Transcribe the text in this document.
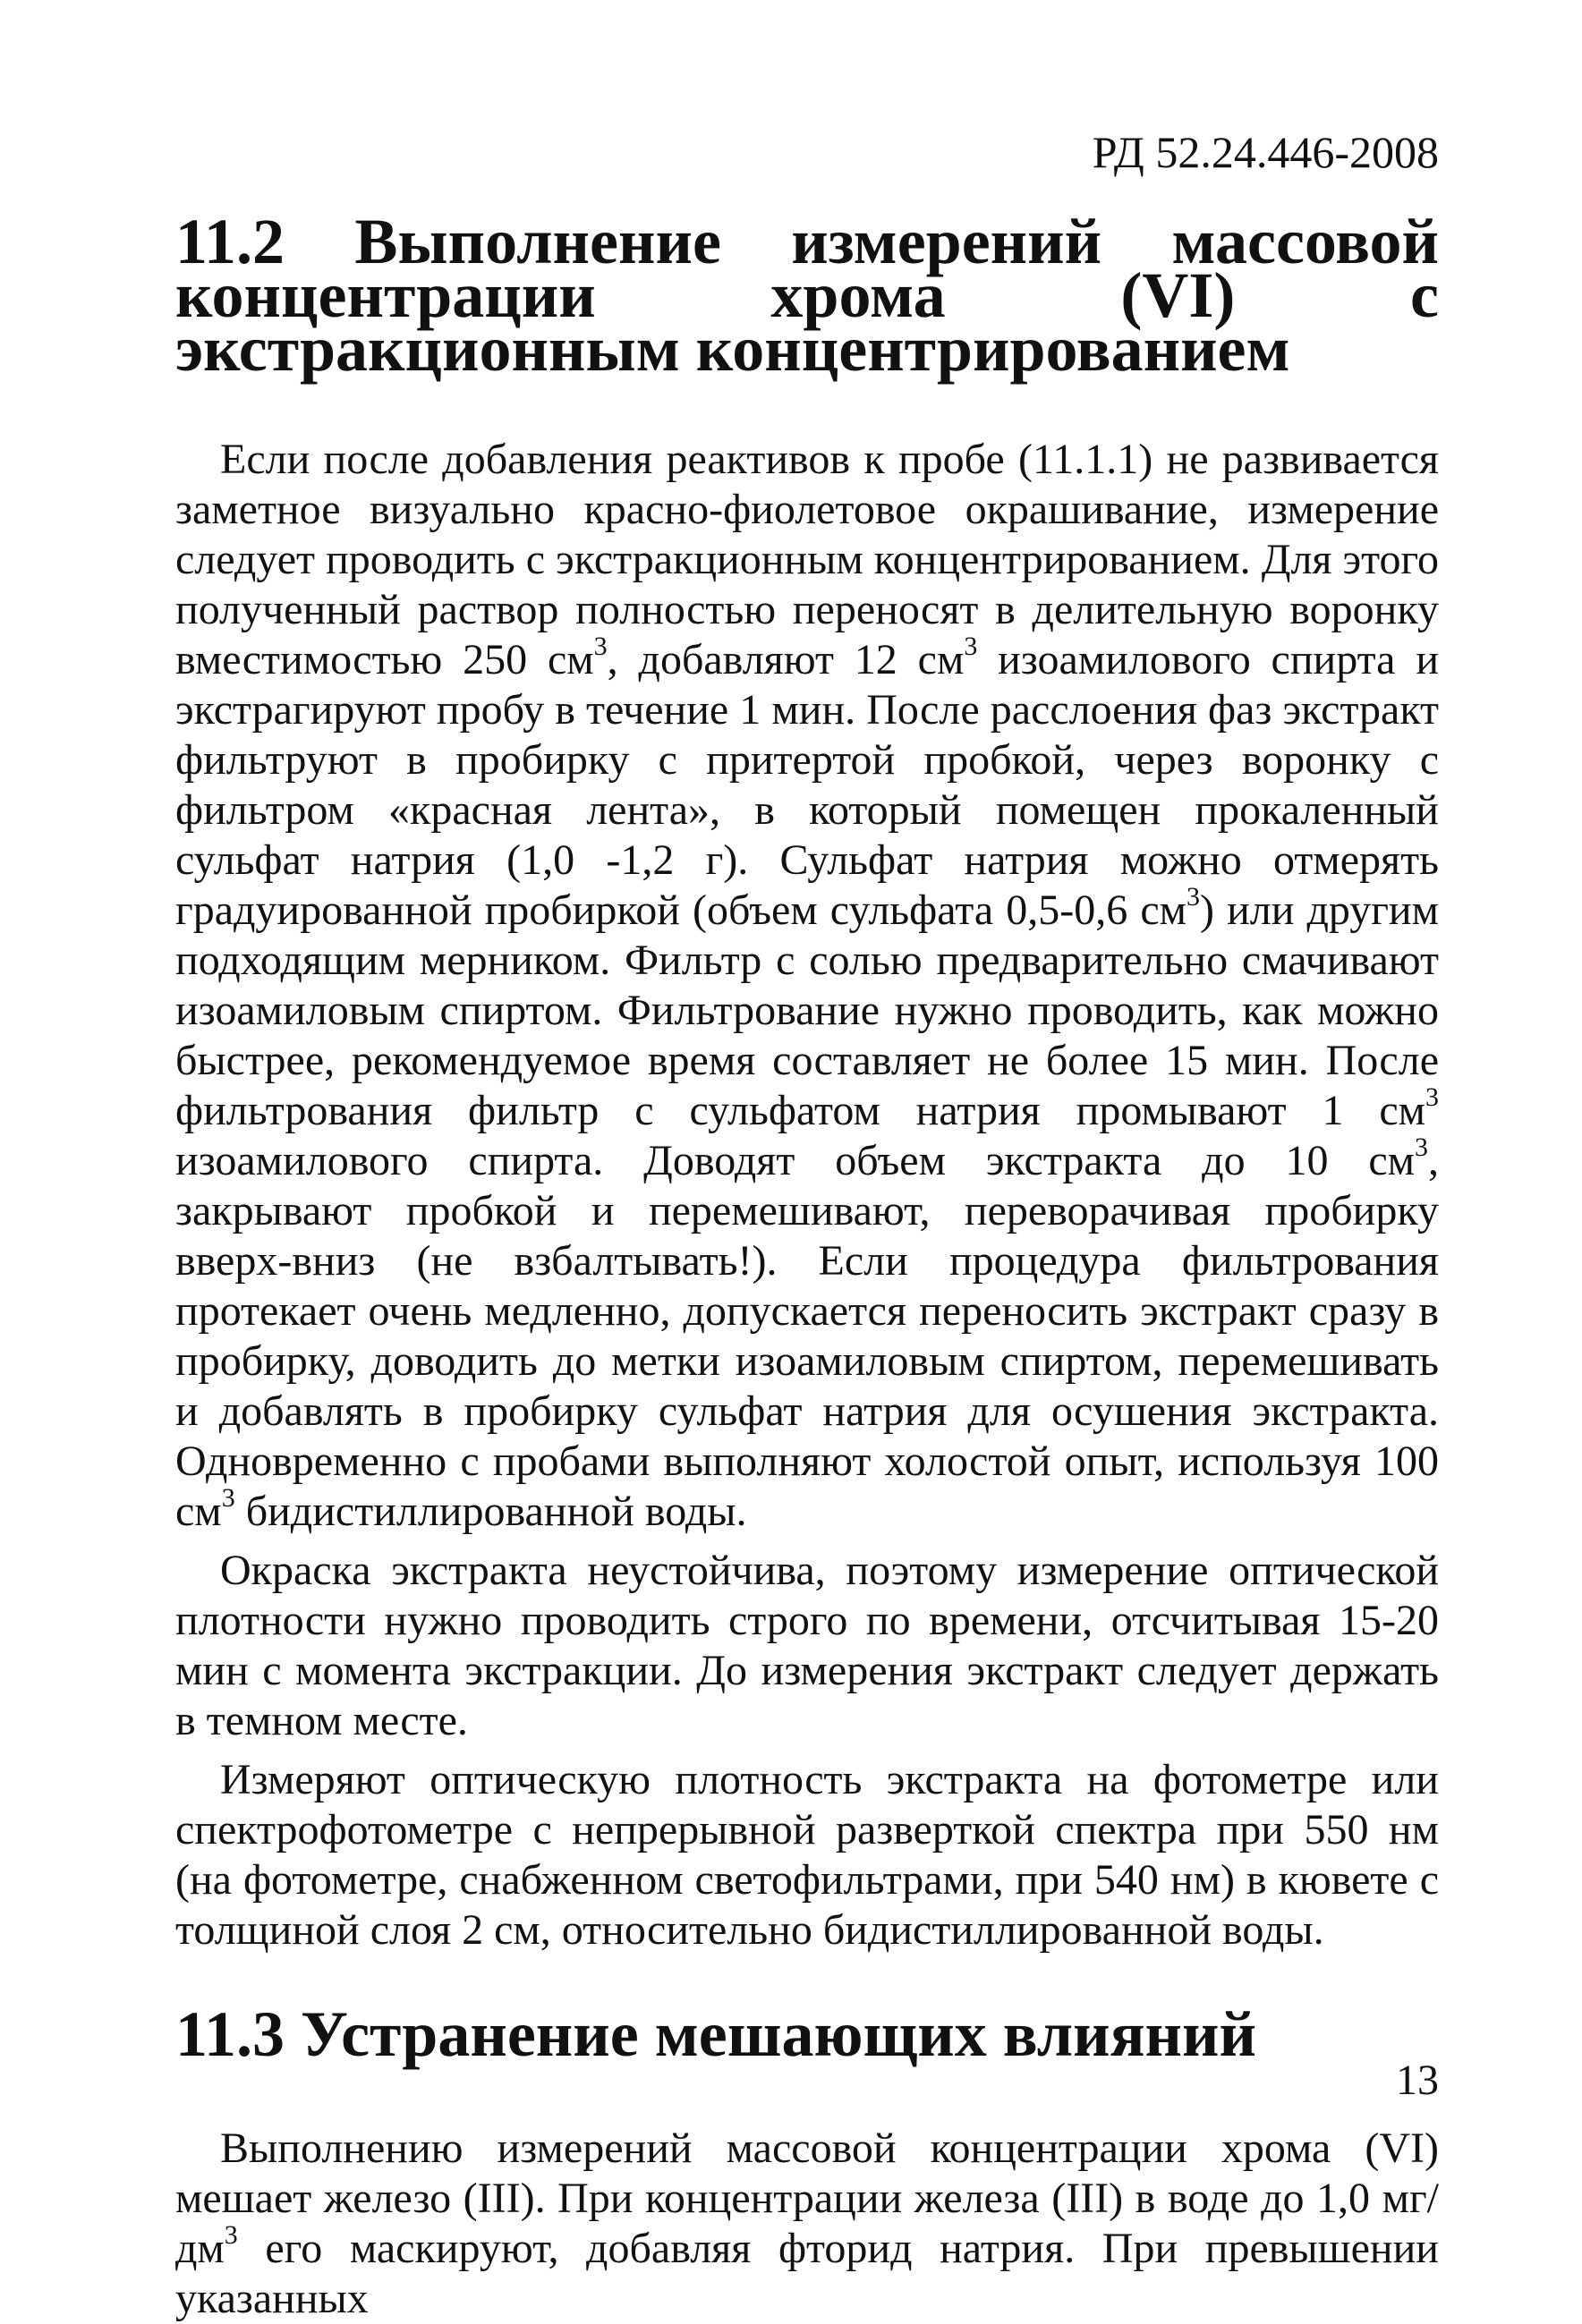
РД 52.24.446-2008
11.2 Выполнение измерений массовой концентрации хрома (VI) с экстракционным концентрированием

Если после добавления реактивов к пробе (11.1.1) не развивается заметное визуально красно-фиолетовое окрашивание, измерение следует проводить с экстракционным концентрированием. Для этого полученный раствор полностью переносят в делительную воронку вместимостью 250 $см^3$, добавляют 12 $см^3$ изоамилового спирта и экстрагируют пробу в течение 1 мин. После расслоения фаз экстракт фильтруют в пробирку с притертой пробкой, через воронку с фильтром «красная лента», в который помещен прокаленный сульфат натрия (1,0 -1,2 г). Сульфат натрия можно отмерять градуированной пробиркой (объем сульфата 0,5-0,6 $см^3$) или другим подходящим мерником. Фильтр с солью предварительно смачивают изоамиловым спиртом. Фильтрование нужно проводить, как можно быстрее, рекомендуемое время составляет не более 15 мин. После фильтрования фильтр с сульфатом натрия промывают 1 $см^3$ изоамилового спирта. Доводят объем экстракта до 10 $см^3$, закрывают пробкой и перемешивают, переворачивая пробирку вверх-вниз (не взбалтывать!). Если процедура фильтрования протекает очень медленно, допускается переносить экстракт сразу в пробирку, доводить до метки изоамиловым спиртом, перемешивать и добавлять в пробирку сульфат натрия для осушения экстракта. Одновременно с пробами выполняют холостой опыт, используя 100 $см^3$ бидистиллированной воды.

Окраска экстракта неустойчива, поэтому измерение оптической плотности нужно проводить строго по времени, отсчитывая 15-20 мин с момента экстракции. До измерения экстракт следует держать в темном месте.

Измеряют оптическую плотность экстракта на фотометре или спектрофотометре с непрерывной разверткой спектра при 550 нм (на фотометре, снабженном светофильтрами, при 540 нм) в кювете с толщиной слоя 2 см, относительно бидистиллированной воды.

11.3 Устранение мешающих влияний

Выполнению измерений массовой концентрации хрома (VI) мешает железо (III). При концентрации железа (III) в воде до 1,0 $мг/дм^3$ его маскируют, добавляя фторид натрия. При превышении указанных

13
